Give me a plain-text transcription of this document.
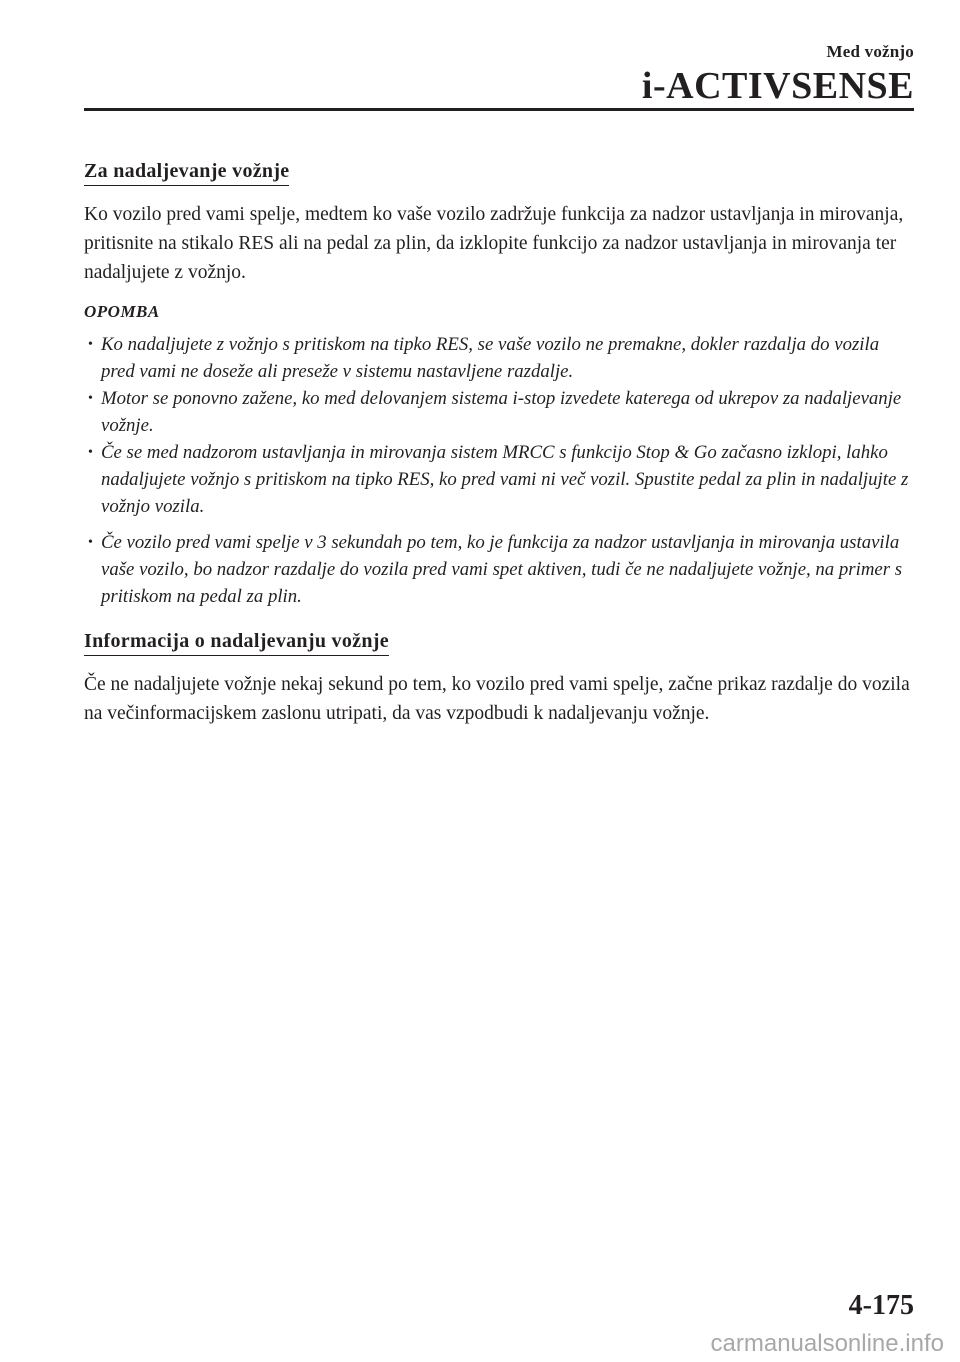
Med vožnjo
i-ACTIVSENSE
Za nadaljevanje vožnje

Ko vozilo pred vami spelje, medtem ko vaše vozilo zadržuje funkcija za nadzor ustavljanja in mirovanja, pritisnite na stikalo RES ali na pedal za plin, da izklopite funkcijo za nadzor ustavljanja in mirovanja ter nadaljujete z vožnjo.

OPOMBA
• Ko nadaljujete z vožnjo s pritiskom na tipko RES, se vaše vozilo ne premakne, dokler razdalja do vozila pred vami ne doseže ali preseže v sistemu nastavljene razdalje.
• Motor se ponovno zažene, ko med delovanjem sistema i-stop izvedete katerega od ukrepov za nadaljevanje vožnje.
• Če se med nadzorom ustavljanja in mirovanja sistem MRCC s funkcijo Stop & Go začasno izklopi, lahko nadaljujete vožnjo s pritiskom na tipko RES, ko pred vami ni več vozil. Spustite pedal za plin in nadaljujte z vožnjo vozila.
• Če vozilo pred vami spelje v 3 sekundah po tem, ko je funkcija za nadzor ustavljanja in mirovanja ustavila vaše vozilo, bo nadzor razdalje do vozila pred vami spet aktiven, tudi če ne nadaljujete vožnje, na primer s pritiskom na pedal za plin.
Informacija o nadaljevanju vožnje

Če ne nadaljujete vožnje nekaj sekund po tem, ko vozilo pred vami spelje, začne prikaz razdalje do vozila na večinformacijskem zaslonu utripati, da vas vzpodbudi k nadaljevanju vožnje.

4-175
carmanualsonline.info
